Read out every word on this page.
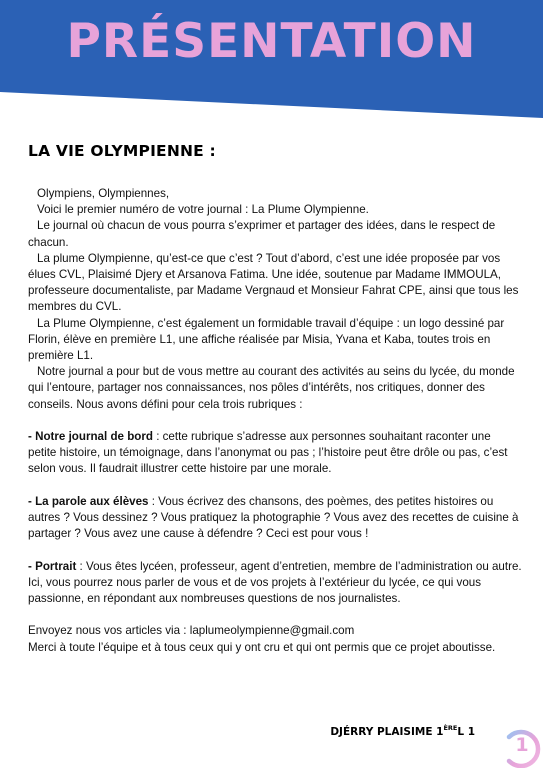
PRÉSENTATION
LA VIE OLYMPIENNE :

Olympiens, Olympiennes,

Voici le premier numéro de votre journal : La Plume Olympienne.

Le journal où chacun de vous pourra s’exprimer et partager des idées, dans le respect de chacun.

La plume Olympienne, qu’est-ce que c’est ? Tout d’abord, c’est une idée proposée par vos élues CVL, Plaisimé Djery et Arsanova Fatima. Une idée, soutenue par Madame IMMOULA, professeure documentaliste, par Madame Vergnaud et Monsieur Fahrat CPE, ainsi que tous les membres du CVL.

La Plume Olympienne, c’est également un formidable travail d’équipe : un logo dessiné par Florin, élève en première L1, une affiche réalisée par Misia, Yvana et Kaba, toutes trois en première L1.

Notre journal a pour but de vous mettre au courant des activités au seins du lycée, du monde qui l’entoure, partager nos connaissances, nos pôles d’intérêts, nos critiques, donner des conseils. Nous avons défini pour cela trois rubriques :

- Notre journal de bord : cette rubrique s’adresse aux personnes souhaitant raconter une petite histoire, un témoignage, dans l’anonymat ou pas ; l’histoire peut être drôle ou pas, c’est selon vous. Il faudrait illustrer cette histoire par une morale.

- La parole aux élèves : Vous écrivez des chansons, des poèmes, des petites histoires ou autres ? Vous dessinez ? Vous pratiquez la photographie ? Vous avez des recettes de cuisine à partager ? Vous avez une cause à défendre ? Ceci est pour vous !

- Portrait : Vous êtes lycéen, professeur, agent d’entretien, membre de l’administration ou autre. Ici, vous pourrez nous parler de vous et de vos projets à l’extérieur du lycée, ce qui vous passionne, en répondant aux nombreuses questions de nos journalistes.

Envoyez nous vos articles via : laplumeolympienne@gmail.com

Merci à toute l’équipe et à tous ceux qui y ont cru et qui ont permis que ce projet aboutisse.

DJÉRRY PLAISIME 1ÈREL 1
1
